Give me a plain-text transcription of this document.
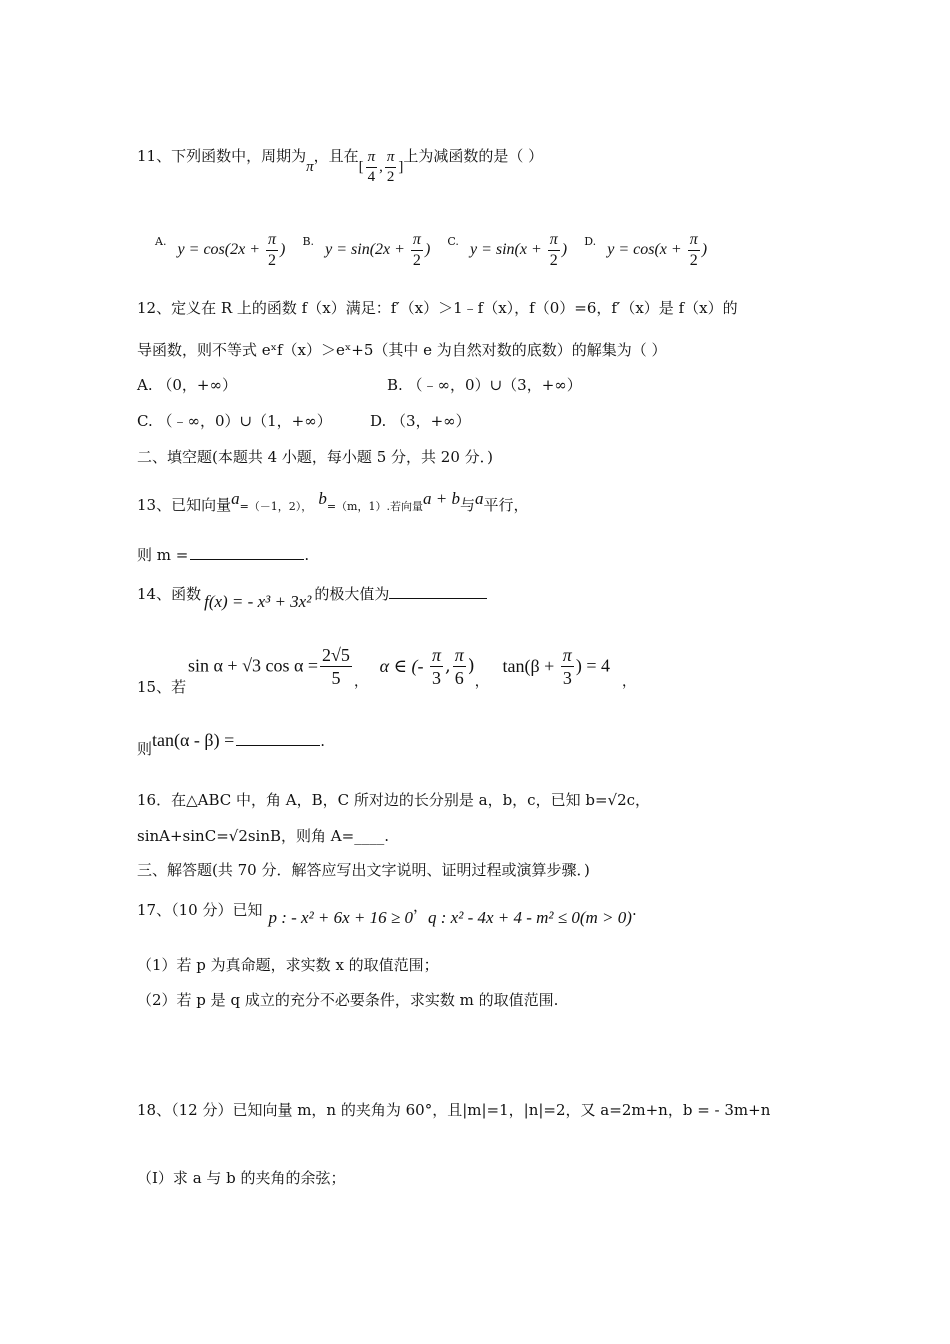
11、下列函数中，周期为π，且在[ $\frac{\pi}{4}$ , $\frac{\pi}{2}$ ]上为减函数的是（ ）
$^{A.}$ $y = \cos(2x + \frac{\pi}{2}$ ) $^{B.}$ $y = \sin(2x + \frac{\pi}{2}$ ) $^{C.}$ $y = \sin(x + \frac{\pi}{2}$ ) $^{D.}$ $y = \cos(x + \frac{\pi}{2}$ )
12、定义在 R 上的函数 f（x）满足：f′（x）＞1﹣f（x），f（0）=6，f′（x）是 f（x）的
导函数，则不等式 eˣf（x）＞eˣ+5（其中 e 为自然对数的底数）的解集为（ ）
A. （0，+∞）	B. （﹣∞，0）∪（3，+∞）
C. （﹣∞，0）∪（1，+∞）	D. （3，+∞）
二、填空题(本题共 4 小题，每小题 5 分，共 20 分．)
13、已知向量a=（－1，2）， b=（m，1）.若向量a + b与a平行，
则 m =	.
14、函数 f(x) = - x³ + 3x² 的极大值为
sin α + √3 $\cos \alpha = \frac{2√5}{5} _,$ α ∈ (- $\frac{\pi}{3}$ , $\frac{\pi}{6} )_,$ $\tan(\beta + \frac{\pi}{3}$ ) = $4_,$
15、若
则tan(α - β) =	.
16．在△ABC 中，角 A，B，C 所对边的长分别是 a，b，c，已知 b=√2c，
sinA+sinC=√2sinB，则角 A=____.
三、解答题(共 70 分．解答应写出文字说明、证明过程或演算步骤．)
17、（10 分）已知 p : - x² + 6x + 16 ≥ 0，q : x² - 4x + 4 - m² ≤ 0(m > 0).
（1）若 p 为真命题，求实数 x 的取值范围；
（2）若 p 是 q 成立的充分不必要条件，求实数 m 的取值范围.
18、（12 分）已知向量 m，n 的夹角为 60°，且|m|=1，|n|=2，又 a=2m+n，b = - 3m+n
（Ⅰ）求 a 与 b 的夹角的余弦；
